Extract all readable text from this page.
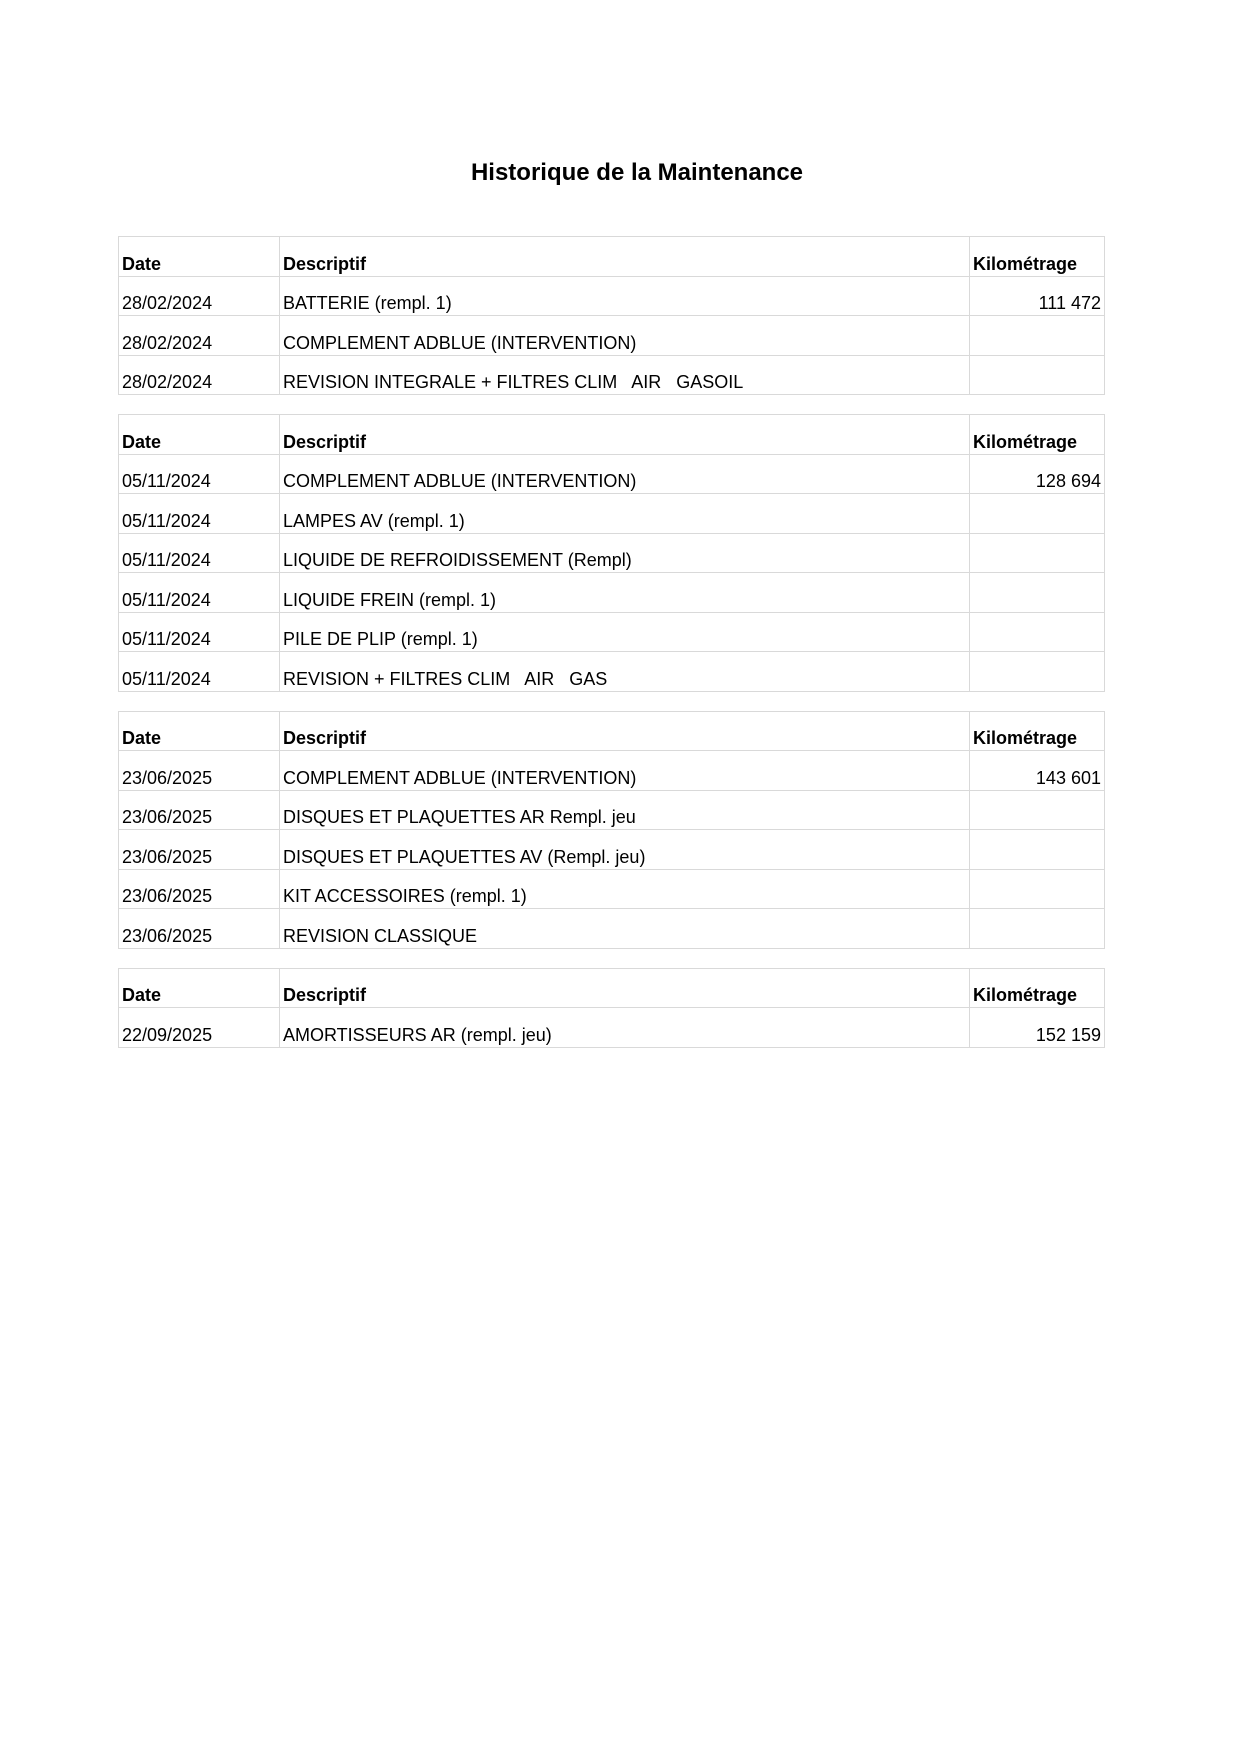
Historique de la Maintenance
Date	Descriptif	Kilométrage
28/02/2024	BATTERIE (rempl. 1)	111 472
28/02/2024	COMPLEMENT ADBLUE (INTERVENTION)	
28/02/2024	REVISION INTEGRALE + FILTRES CLIM   AIR   GASOIL	
Date	Descriptif	Kilométrage
05/11/2024	COMPLEMENT ADBLUE (INTERVENTION)	128 694
05/11/2024	LAMPES AV (rempl. 1)	
05/11/2024	LIQUIDE DE REFROIDISSEMENT (Rempl)	
05/11/2024	LIQUIDE FREIN (rempl. 1)	
05/11/2024	PILE DE PLIP (rempl. 1)	
05/11/2024	REVISION + FILTRES CLIM   AIR   GAS	
Date	Descriptif	Kilométrage
23/06/2025	COMPLEMENT ADBLUE (INTERVENTION)	143 601
23/06/2025	DISQUES ET PLAQUETTES AR Rempl. jeu	
23/06/2025	DISQUES ET PLAQUETTES AV (Rempl. jeu)	
23/06/2025	KIT ACCESSOIRES (rempl. 1)	
23/06/2025	REVISION CLASSIQUE	
Date	Descriptif	Kilométrage
22/09/2025	AMORTISSEURS AR (rempl. jeu)	152 159
